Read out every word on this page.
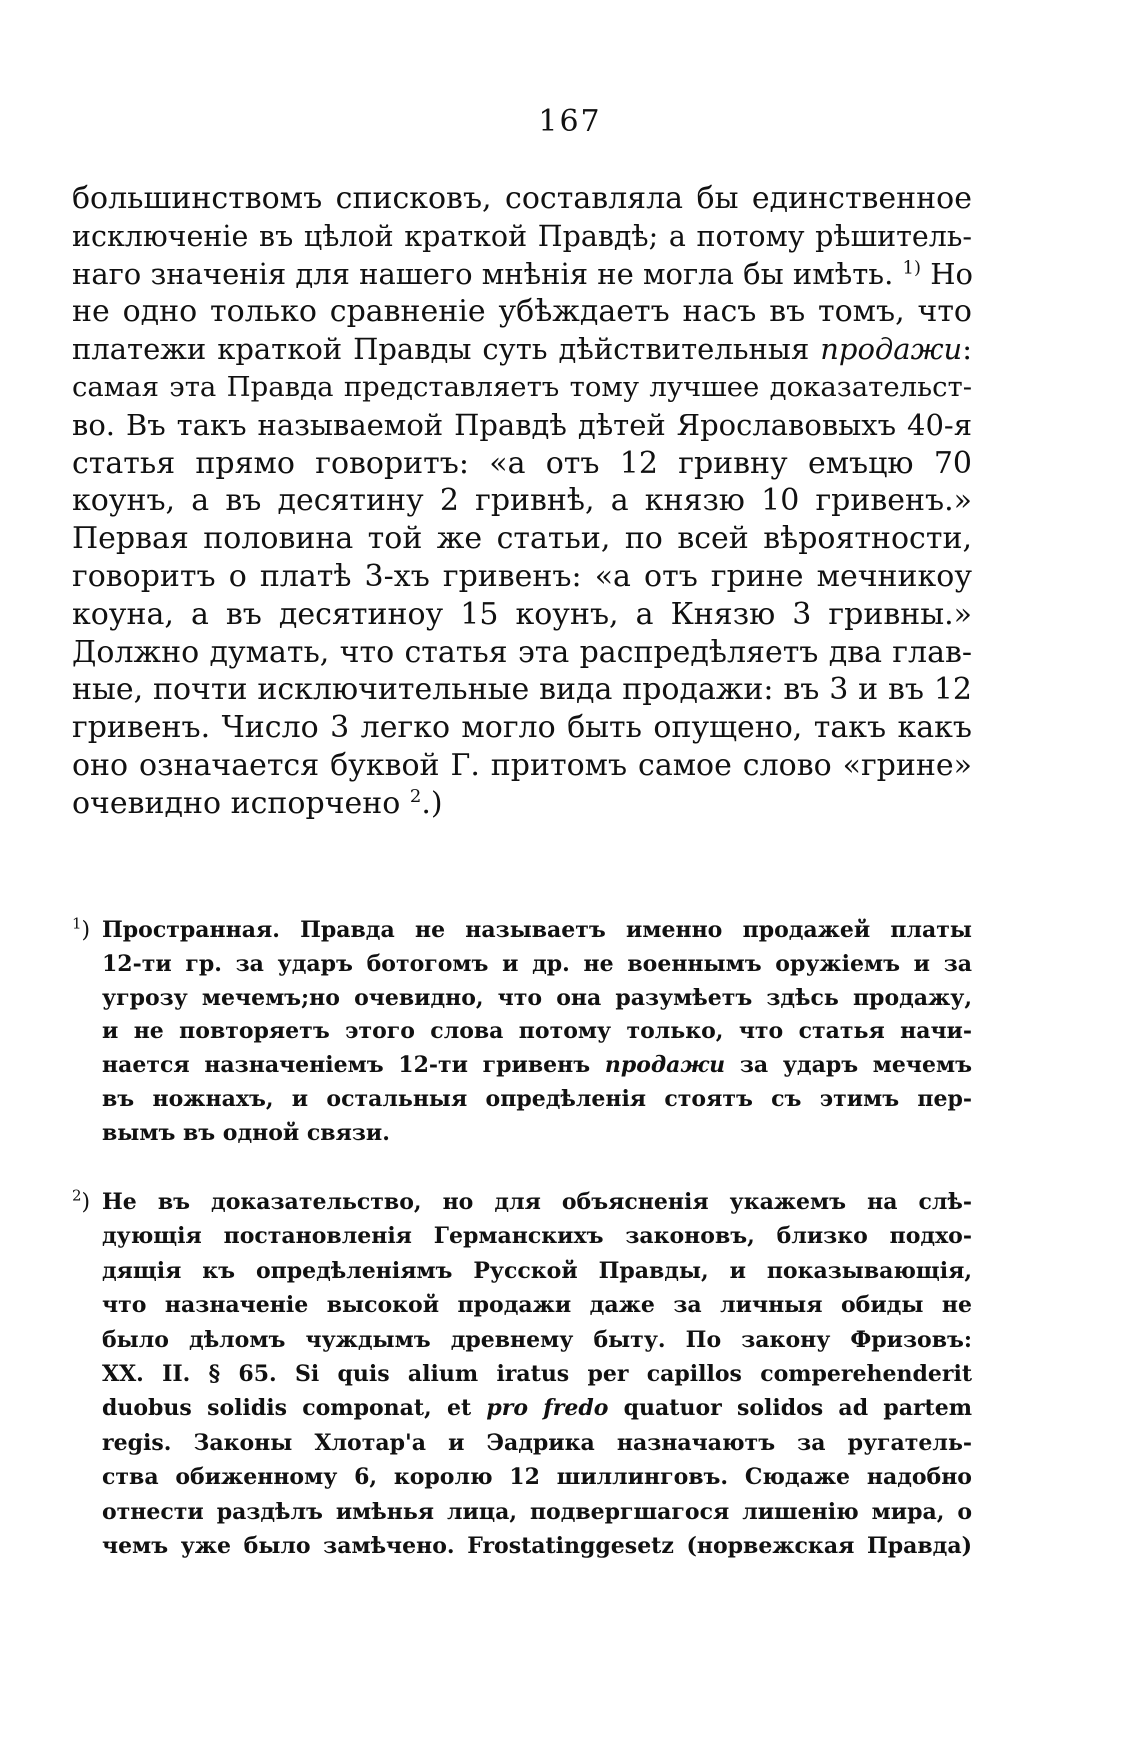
167
большинствомъ списковъ, составляла бы единственное
исключеніе въ цѣлой краткой Правдѣ; а потому рѣшитель-
наго значенія для нашего мнѣнія не могла бы имѣть. $^{1)}$ Но
не одно только сравненіе убѣждаетъ насъ въ томъ, что
платежи краткой Правды суть дѣйствительныя продажи:
самая эта Правда представляетъ тому лучшее доказательст-
во. Въ такъ называемой Правдѣ дѣтей Ярославовыхъ 40-я
статья прямо говоритъ: «а отъ 12 гривну емъцю 70
коунъ, а въ десятину 2 гривнѣ, а князю 10 гривенъ.»
Первая половина той же статьи, по всей вѣроятности,
говоритъ о платѣ 3-хъ гривенъ: «а отъ грине мечникоу
коуна, а въ десятиноу 15 коунъ, а Князю 3 гривны.»
Должно думать, что статья эта распредѣляетъ два глав-
ные, почти исключительные вида продажи: въ 3 и въ 12
гривенъ. Число 3 легко могло быть опущено, такъ какъ
оно означается буквой Г. притомъ самое слово «грине»
очевидно испорчено $^2$.)
$^1$) Пространная. Правда не называетъ именно продажей платы
12-ти гр. за ударъ ботогомъ и др. не военнымъ оружіемъ и за
угрозу мечемъ;но очевидно, что она разумѣетъ здѣсь продажу,
и не повторяетъ этого слова потому только, что статья начи-
нается назначеніемъ 12-ти гривенъ продажи за ударъ мечемъ
въ ножнахъ, и остальныя опредѣленія стоятъ съ этимъ пер-
вымъ въ одной связи.
$^2$) Не въ доказательство, но для объясненія укажемъ на слѣ-
дующія постановленія Германскихъ законовъ, близко подхо-
дящія къ опредѣленіямъ Русской Правды, и показывающія,
что назначеніе высокой продажи даже за личныя обиды не
было дѣломъ чуждымъ древнему быту. По закону Фризовъ:
XX. II. § 65. Si quis alium iratus per capillos comperehenderit
duobus solidis componat, et pro fredo quatuor solidos ad partem
regis. Законы Хлотар'а и Эадрика назначаютъ за ругатель-
ства обиженному 6, королю 12 шиллинговъ. Сюдаже надобно
отнести раздѣлъ имѣнья лица, подвергшагося лишенію мира, о
чемъ уже было замѣчено. Frostatinggesetz (норвежская Правда)
